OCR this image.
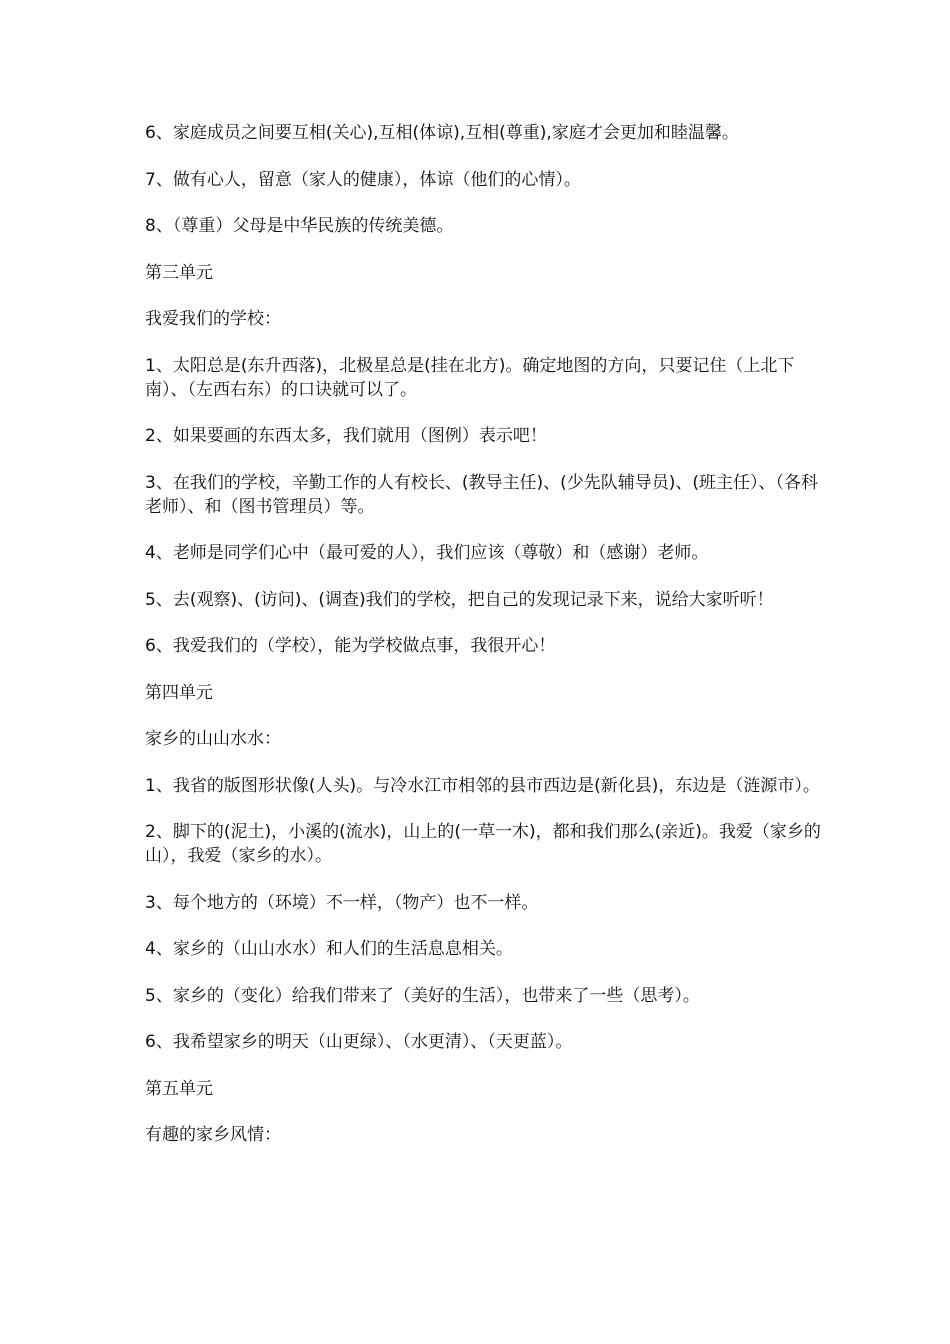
6、家庭成员之间要互相(关心),互相(体谅),互相(尊重),家庭才会更加和睦温馨。

7、做有心人，留意（家人的健康），体谅（他们的心情）。

8、（尊重）父母是中华民族的传统美德。

第三单元

我爱我们的学校：

1、太阳总是(东升西落)，北极星总是(挂在北方)。确定地图的方向，只要记住（上北下南）、（左西右东）的口诀就可以了。

2、如果要画的东西太多，我们就用（图例）表示吧！

3、在我们的学校，辛勤工作的人有校长、(教导主任)、(少先队辅导员)、(班主任）、（各科老师）、和（图书管理员）等。

4、老师是同学们心中（最可爱的人），我们应该（尊敬）和（感谢）老师。

5、去(观察)、(访问)、(调查)我们的学校，把自己的发现记录下来，说给大家听听！

6、我爱我们的（学校），能为学校做点事，我很开心！

第四单元

家乡的山山水水：

1、我省的版图形状像(人头)。与冷水江市相邻的县市西边是(新化县)，东边是（涟源市）。

2、脚下的(泥土)，小溪的(流水)，山上的(一草一木)，都和我们那么(亲近)。我爱（家乡的山），我爱（家乡的水）。

3、每个地方的（环境）不一样，（物产）也不一样。

4、家乡的（山山水水）和人们的生活息息相关。

5、家乡的（变化）给我们带来了（美好的生活），也带来了一些（思考）。

6、我希望家乡的明天（山更绿）、（水更清）、（天更蓝）。

第五单元

有趣的家乡风情：
